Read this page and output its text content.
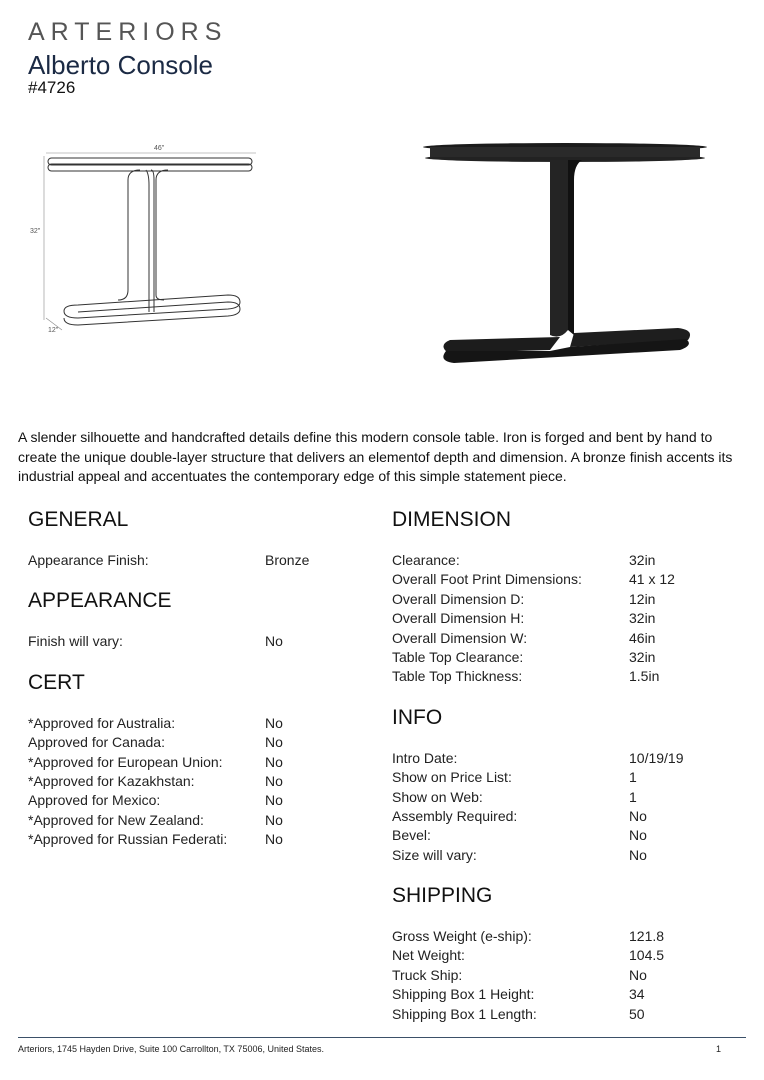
ARTERIORS
Alberto Console
#4726
46"
32"
12"
A slender silhouette and handcrafted details define this modern console table. Iron is forged and bent by hand to create the unique double-layer structure that delivers an elementof depth and dimension. A bronze finish accents its industrial appeal and accentuates the contemporary edge of this simple statement piece.
GENERAL
Appearance Finish:	Bronze
APPEARANCE
Finish will vary:	No
CERT
*Approved for Australia:	No
Approved for Canada:	No
*Approved for European Union:	No
*Approved for Kazakhstan:	No
Approved for Mexico:	No
*Approved for New Zealand:	No
*Approved for Russian Federati:	No
DIMENSION
Clearance:	32in
Overall Foot Print Dimensions:	41 x 12
Overall Dimension D:	12in
Overall Dimension H:	32in
Overall Dimension W:	46in
Table Top Clearance:	32in
Table Top Thickness:	1.5in
INFO
Intro Date:	10/19/19
Show on Price List:	1
Show on Web:	1
Assembly Required:	No
Bevel:	No
Size will vary:	No
SHIPPING
Gross Weight (e-ship):	121.8
Net Weight:	104.5
Truck Ship:	No
Shipping Box 1 Height:	34
Shipping Box 1 Length:	50
Arteriors, 1745 Hayden Drive, Suite 100 Carrollton, TX 75006, United States.	1
